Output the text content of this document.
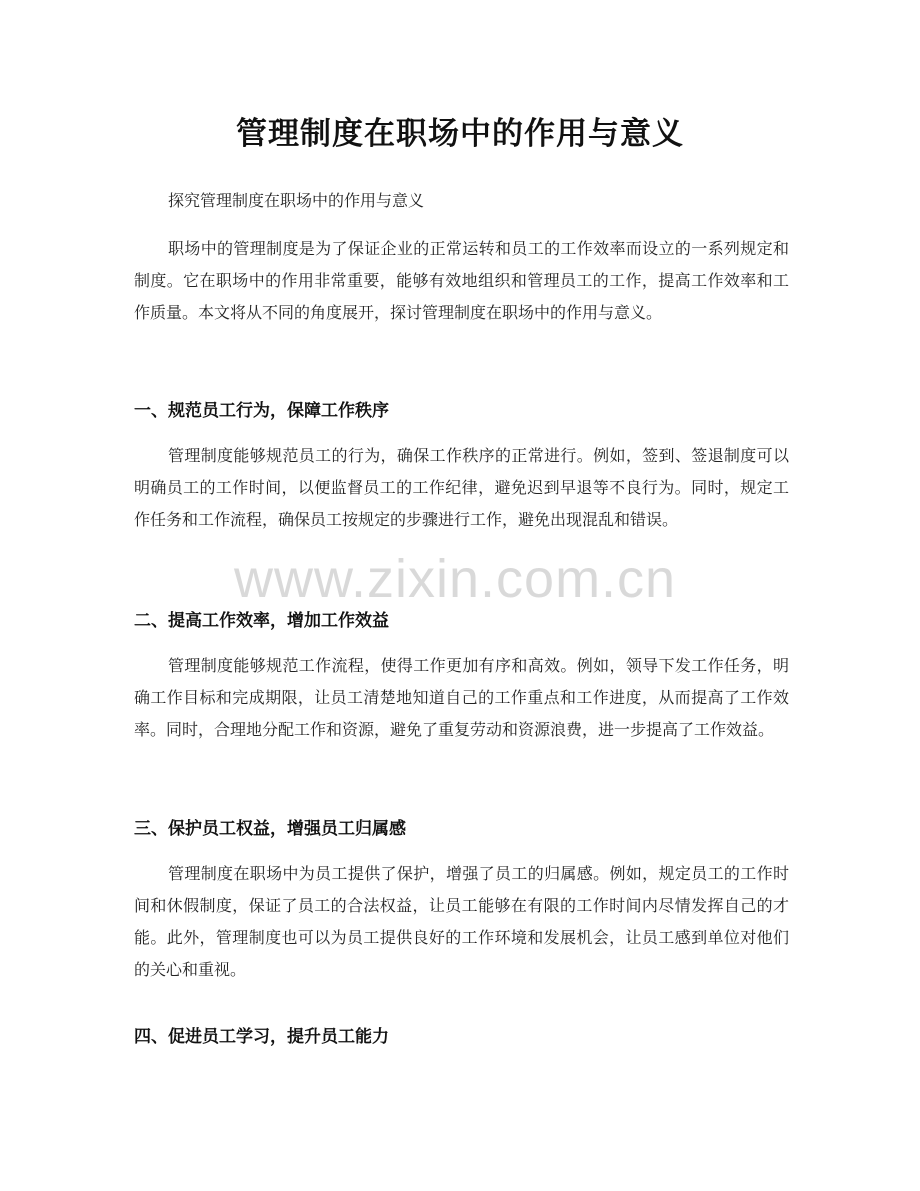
管理制度在职场中的作用与意义
探究管理制度在职场中的作用与意义

职场中的管理制度是为了保证企业的正常运转和员工的工作效率而设立的一系列规定和制度。它在职场中的作用非常重要，能够有效地组织和管理员工的工作，提高工作效率和工作质量。本文将从不同的角度展开，探讨管理制度在职场中的作用与意义。

一、规范员工行为，保障工作秩序

管理制度能够规范员工的行为，确保工作秩序的正常进行。例如，签到、签退制度可以明确员工的工作时间，以便监督员工的工作纪律，避免迟到早退等不良行为。同时，规定工作任务和工作流程，确保员工按规定的步骤进行工作，避免出现混乱和错误。

二、提高工作效率，增加工作效益

管理制度能够规范工作流程，使得工作更加有序和高效。例如，领导下发工作任务，明确工作目标和完成期限，让员工清楚地知道自己的工作重点和工作进度，从而提高了工作效率。同时，合理地分配工作和资源，避免了重复劳动和资源浪费，进一步提高了工作效益。

三、保护员工权益，增强员工归属感

管理制度在职场中为员工提供了保护，增强了员工的归属感。例如，规定员工的工作时间和休假制度，保证了员工的合法权益，让员工能够在有限的工作时间内尽情发挥自己的才能。此外，管理制度也可以为员工提供良好的工作环境和发展机会，让员工感到单位对他们的关心和重视。

四、促进员工学习，提升员工能力
www.zixin.com.cn
